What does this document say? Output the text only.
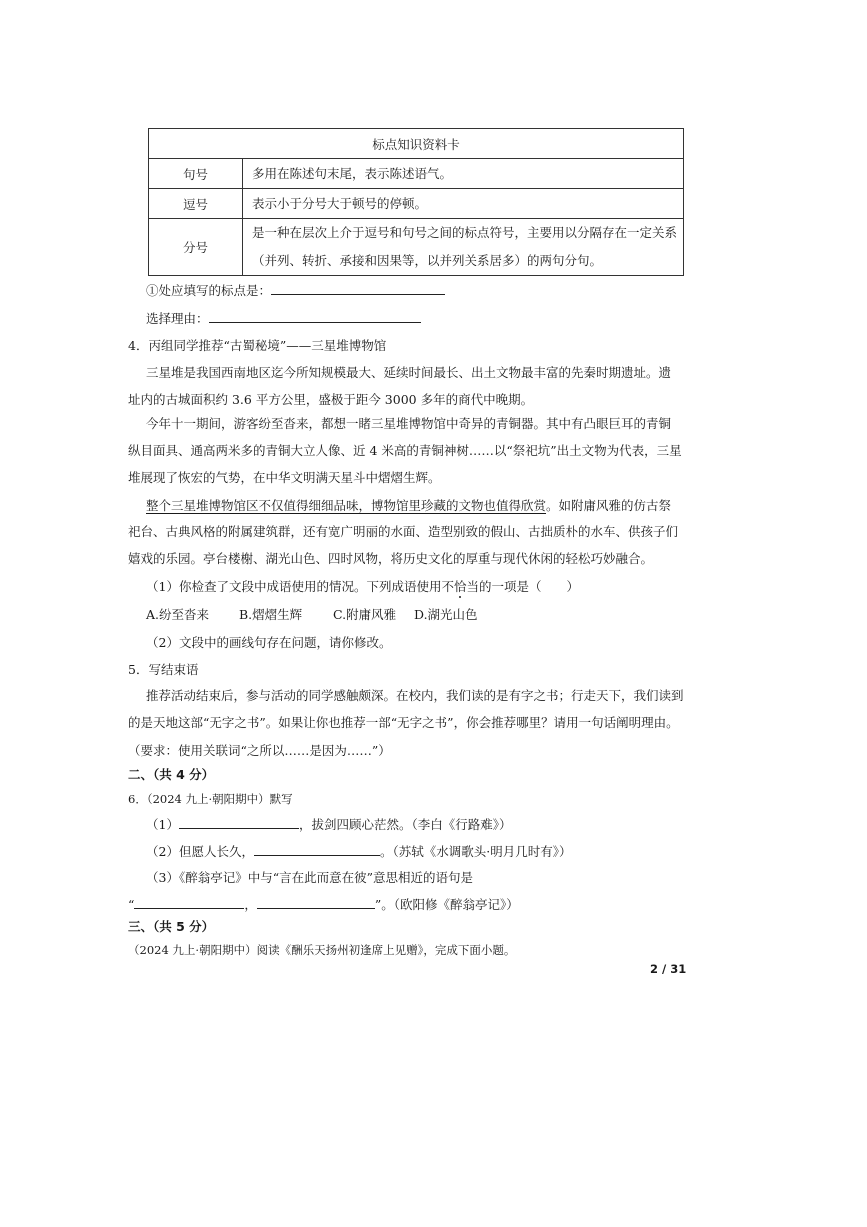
标点知识资料卡	
句号	多用在陈述句末尾，表示陈述语气。

逗号	表示小于分号大于顿号的停顿。

分号	是一种在层次上介于逗号和句号之间的标点符号，主要用以分隔存在一定关系
（并列、转折、承接和因果等，以并列关系居多）的两句分句。
①处应填写的标点是：
选择理由：
4．丙组同学推荐“古蜀秘境”——三星堆博物馆
三星堆是我国西南地区迄今所知规模最大、延续时间最长、出土文物最丰富的先秦时期遗址。遗
址内的古城面积约 3.6 平方公里，盛极于距今 3000 多年的商代中晚期。
今年十一期间，游客纷至沓来，都想一睹三星堆博物馆中奇异的青铜器。其中有凸眼巨耳的青铜
纵目面具、通高两米多的青铜大立人像、近 4 米高的青铜神树……以“祭祀坑”出土文物为代表，三星
堆展现了恢宏的气势，在中华文明满天星斗中熠熠生辉。
整个三星堆博物馆区不仅值得细细品味，博物馆里珍藏的文物也值得欣赏。如附庸风雅的仿古祭
祀台、古典风格的附属建筑群，还有宽广明丽的水面、造型别致的假山、古拙质朴的水车、供孩子们
嬉戏的乐园。亭台楼榭、湖光山色、四时风物，将历史文化的厚重与现代休闲的轻松巧妙融合。
（1）你检查了文段中成语使用的情况。下列成语使用不恰当的一项是（　　）
A.纷至沓来 B.熠熠生辉 C.附庸风雅 D.湖光山色
（2）文段中的画线句存在问题，请你修改。
5．写结束语
推荐活动结束后，参与活动的同学感触颇深。在校内，我们读的是有字之书；行走天下，我们读到
的是天地这部“无字之书”。如果让你也推荐一部“无字之书”，你会推荐哪里？请用一句话阐明理由。
（要求：使用关联词“之所以……是因为……”）
二、（共 4 分）
6．（2024 九上·朝阳期中）默写
（1）	，拔剑四顾心茫然。（李白《行路难》）
（2）但愿人长久，	。（苏轼《水调歌头·明月几时有》）
（3）《醉翁亭记》中与“言在此而意在彼”意思相近的语句是
“	，	”。（欧阳修《醉翁亭记》）
三、（共 5 分）
（2024 九上·朝阳期中）阅读《酬乐天扬州初逢席上见赠》，完成下面小题。
2 / 31
